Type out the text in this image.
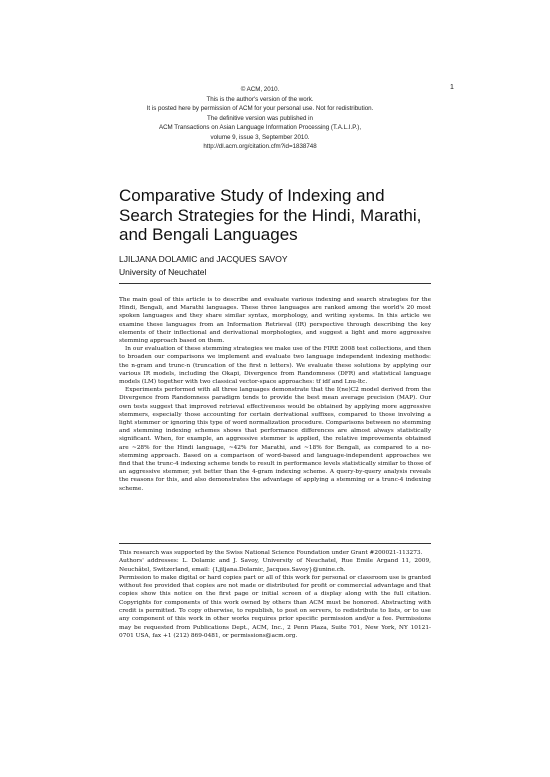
1
© ACM, 2010.
This is the author's version of the work.
It is posted here by permission of ACM for your personal use. Not for redistribution.
The definitive version was published in
ACM Transactions on Asian Language Information Processing (T.A.L.I.P.),
volume 9, issue 3, September 2010.
http://dl.acm.org/citation.cfm?id=1838748
Comparative Study of Indexing and
Search Strategies for the Hindi, Marathi,
and Bengali Languages
LJILJANA DOLAMIC and JACQUES SAVOY
University of Neuchatel

The main goal of this article is to describe and evaluate various indexing and search strategies for the Hindi, Bengali, and Marathi languages. These three languages are ranked among the world's 20 most spoken languages and they share similar syntax, morphology, and writing systems. In this article we examine these languages from an Information Retrieval (IR) perspective through describing the key elements of their inflectional and derivational morphologies, and suggest a light and more aggressive stemming approach based on them.

In our evaluation of these stemming strategies we make use of the FIRE 2008 test collections, and then to broaden our comparisons we implement and evaluate two language independent indexing methods: the n-gram and trunc-n (truncation of the first n letters). We evaluate these solutions by applying our various IR models, including the Okapi, Divergence from Randomness (DFR) and statistical language models (LM) together with two classical vector-space approaches: tf idf and Lnu-ltc.

Experiments performed with all three languages demonstrate that the I(ne)C2 model derived from the Divergence from Randomness paradigm tends to provide the best mean average precision (MAP). Our own tests suggest that improved retrieval effectiveness would be obtained by applying more aggressive stemmers, especially those accounting for certain derivational suffixes, compared to those involving a light stemmer or ignoring this type of word normalization procedure. Comparisons between no stemming and stemming indexing schemes shows that performance differences are almost always statistically significant. When, for example, an aggressive stemmer is applied, the relative improvements obtained are ~28% for the Hindi language, ~42% for Marathi, and ~18% for Bengali, as compared to a no-stemming approach. Based on a comparison of word-based and language-independent approaches we find that the trunc-4 indexing scheme tends to result in performance levels statistically similar to those of an aggressive stemmer, yet better than the 4-gram indexing scheme. A query-by-query analysis reveals the reasons for this, and also demonstrates the advantage of applying a stemming or a trunc-4 indexing scheme.

This research was supported by the Swiss National Science Foundation under Grant #200021-113273.

Authors' addresses: L. Dolamic and J. Savoy, University of Neuchatel, Rue Emile Argand 11, 2009, Neuchâtel, Switzerland, email: {Ljiljana.Dolamic, Jacques.Savoy}@unine.ch.

Permission to make digital or hard copies part or all of this work for personal or classroom use is granted without fee provided that copies are not made or distributed for profit or commercial advantage and that copies show this notice on the first page or initial screen of a display along with the full citation. Copyrights for components of this work owned by others than ACM must be honored. Abstracting with credit is permitted. To copy otherwise, to republish, to post on servers, to redistribute to lists, or to use any component of this work in other works requires prior specific permission and/or a fee. Permissions may be requested from Publications Dept., ACM, Inc., 2 Penn Plaza, Suite 701, New York, NY 10121-0701 USA, fax +1 (212) 869-0481, or permissions@acm.org.
